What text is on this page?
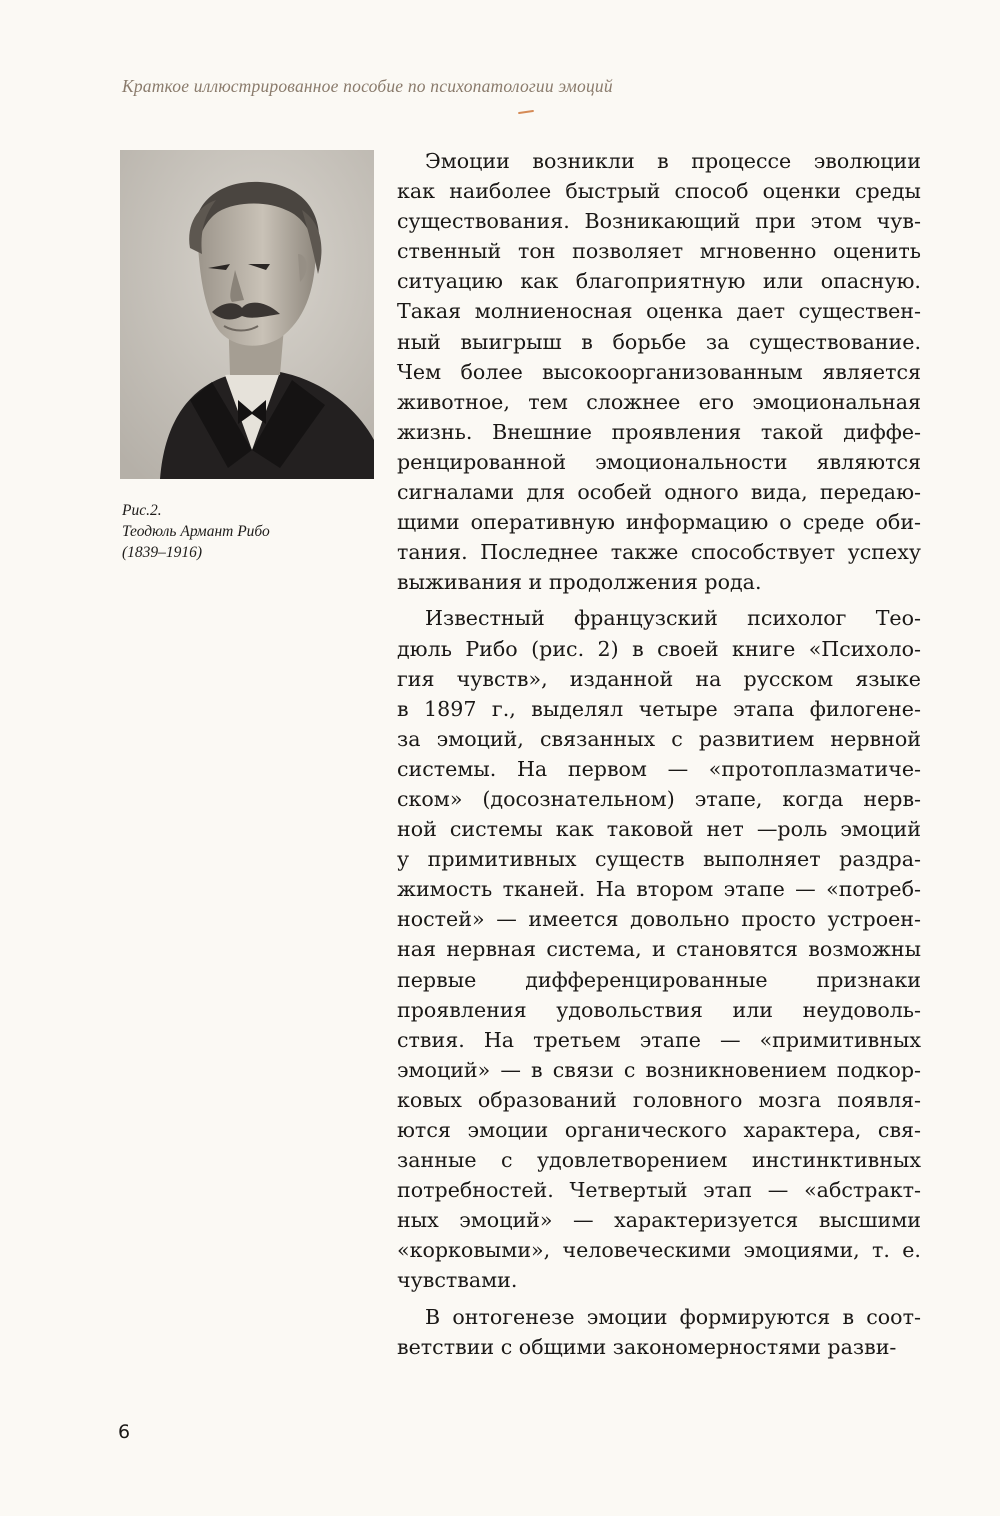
Краткое иллюстрированное пособие по психопатологии эмоций
Рис.2.
Теодюль Армант Рибо
(1839–1916)
Эмоции возникли в процессе эволюции
как наиболее быстрый способ оценки среды
существования. Возникающий при этом чув-
ственный тон позволяет мгновенно оценить
ситуацию как благоприятную или опасную.
Такая молниеносная оценка дает существен-
ный выигрыш в борьбе за существование.
Чем более высокоорганизованным является
животное, тем сложнее его эмоциональная
жизнь. Внешние проявления такой диффе-
ренцированной эмоциональности являются
сигналами для особей одного вида, передаю-
щими оперативную информацию о среде оби-
тания. Последнее также способствует успеху
выживания
и
продолжения
рода.
Известный французский психолог Тео-
дюль Рибо (рис. 2) в своей книге «Психоло-
гия чувств», изданной на русском языке
в 1897 г., выделял четыре этапа филогене-
за эмоций, связанных с развитием нервной
системы. На первом — «протоплазматиче-
ском» (досознательном) этапе, когда нерв-
ной системы как таковой нет —роль эмоций
у примитивных существ выполняет раздра-
жимость тканей. На втором этапе — «потреб-
ностей» — имеется довольно просто устроен-
ная нервная система, и становятся возможны
первые дифференцированные признаки
проявления удовольствия или неудоволь-
ствия. На третьем этапе — «примитивных
эмоций» — в связи с возникновением подкор-
ковых образований головного мозга появля-
ются эмоции органического характера, свя-
занные с удовлетворением инстинктивных
потребностей. Четвертый этап — «абстракт-
ных эмоций» — характеризуется высшими
«корковыми», человеческими эмоциями, т. е.
чувствами.
В онтогенезе эмоции формируются в соот-
ветствии
с
общими
закономерностями
разви-
6
